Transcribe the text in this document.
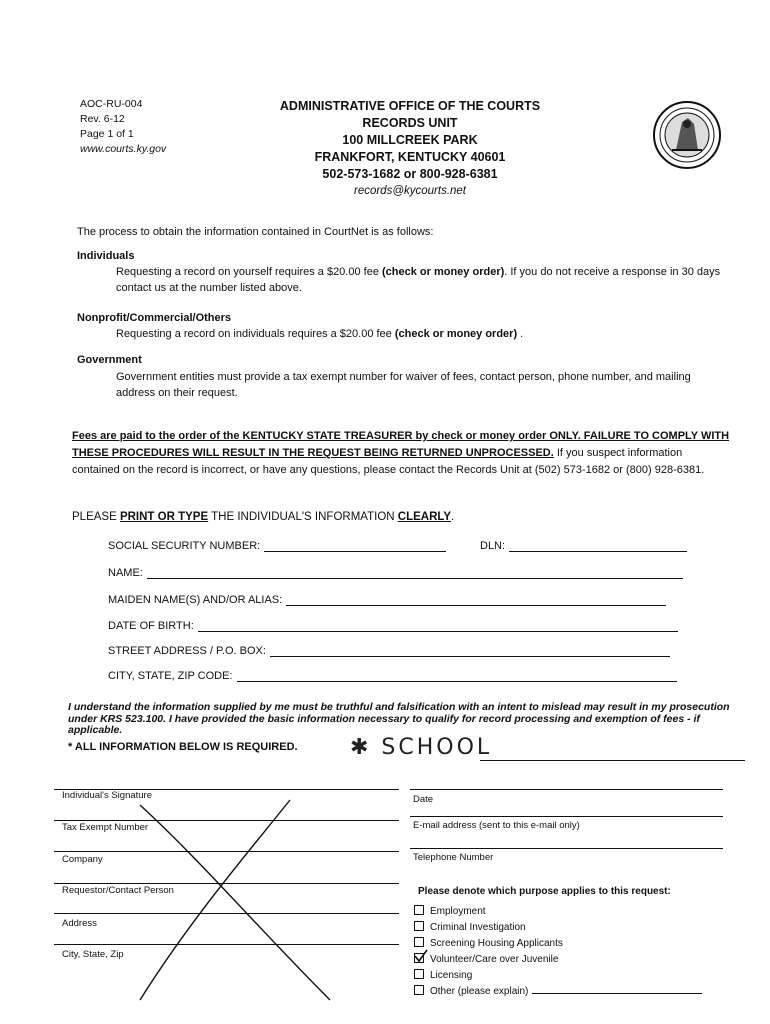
AOC-RU-004
Rev. 6-12
Page 1 of 1
www.courts.ky.gov
ADMINISTRATIVE OFFICE OF THE COURTS
RECORDS UNIT
100 MILLCREEK PARK
FRANKFORT, KENTUCKY 40601
502-573-1682 or 800-928-6381
records@kycourts.net
The process to obtain the information contained in CourtNet is as follows:
Individuals
Requesting a record on yourself requires a $20.00 fee (check or money order). If you do not receive a response in 30 days contact us at the number listed above.
Nonprofit/Commercial/Others
Requesting a record on individuals requires a $20.00 fee (check or money order) .
Government
Government entities must provide a tax exempt number for waiver of fees, contact person, phone number, and mailing address on their request.
Fees are paid to the order of the KENTUCKY STATE TREASURER by check or money order ONLY. FAILURE TO COMPLY WITH THESE PROCEDURES WILL RESULT IN THE REQUEST BEING RETURNED UNPROCESSED. If you suspect information contained on the record is incorrect, or have any questions, please contact the Records Unit at (502) 573-1682 or (800) 928-6381.
PLEASE PRINT OR TYPE THE INDIVIDUAL'S INFORMATION CLEARLY.
SOCIAL SECURITY NUMBER:	DLN:
NAME:
MAIDEN NAME(S) AND/OR ALIAS:
DATE OF BIRTH:
STREET ADDRESS / P.O. BOX:
CITY, STATE, ZIP CODE:
I understand the information supplied by me must be truthful and falsification with an intent to mislead may result in my prosecution under KRS 523.100. I have provided the basic information necessary to qualify for record processing and exemption of fees - if applicable.
* ALL INFORMATION BELOW IS REQUIRED. ✱ SCHOOL
Individual's Signature
Tax Exempt Number
Company
Requestor/Contact Person
Address
City, State, Zip
Date
E-mail address (sent to this e-mail only)
Telephone Number
Please denote which purpose applies to this request:
Employment
Criminal Investigation
Screening Housing Applicants
Volunteer/Care over Juvenile
Licensing
Other (please explain)
